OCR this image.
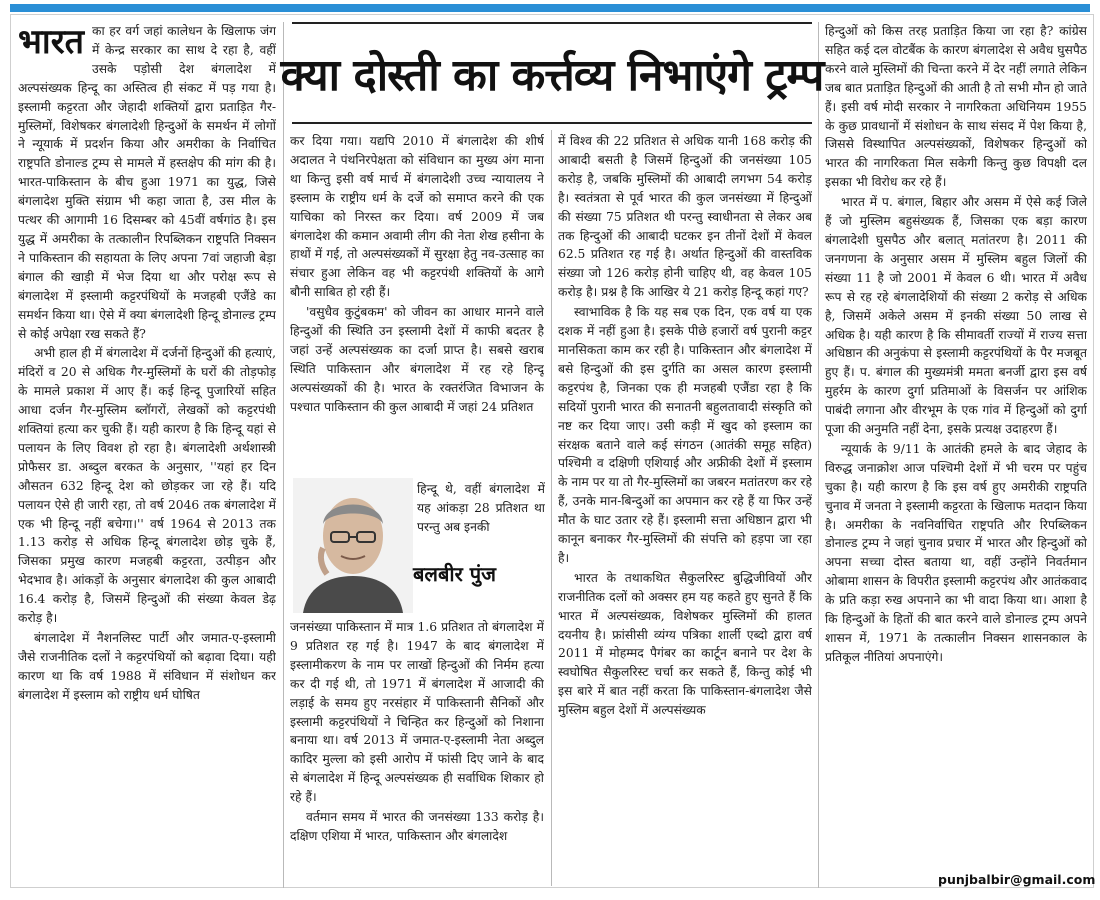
भारत का हर वर्ग जहां कालेधन के खिलाफ जंग में केन्द्र सरकार का साथ दे रहा है, वहीं उसके पड़ोसी देश बंगलादेश में अल्पसंख्यक हिन्दू का अस्तित्व ही संकट में पड़ गया है। इस्लामी कट्टरता और जेहादी शक्तियों द्वारा प्रताड़ित गैर-मुस्लिमों, विशेषकर बंगलादेशी हिन्दुओं के समर्थन में लोगों ने न्यूयार्क में प्रदर्शन किया और अमरीका के निर्वाचित राष्ट्रपति डोनाल्ड ट्रम्प से मामले में हस्तक्षेप की मांग की है। भारत-पाकिस्तान के बीच हुआ 1971 का युद्ध, जिसे बंगलादेश मुक्ति संग्राम भी कहा जाता है, उस मील के पत्थर की आगामी 16 दिसम्बर को 45वीं वर्षगांठ है। इस युद्ध में अमरीका के तत्कालीन रिपब्लिकन राष्ट्रपति निक्सन ने पाकिस्तान की सहायता के लिए अपना 7वां जहाजी बेड़ा बंगाल की खाड़ी में भेज दिया था और परोक्ष रूप से बंगलादेश में इस्लामी कट्टरपंथियों के मजहबी एजैंडे का समर्थन किया था। ऐसे में क्या बंगलादेशी हिन्दू डोनाल्ड ट्रम्प से कोई अपेक्षा रख सकते हैं?

अभी हाल ही में बंगलादेश में दर्जनों हिन्दुओं की हत्याएं, मंदिरों व 20 से अधिक गैर-मुस्लिमों के घरों की तोड़फोड़ के मामले प्रकाश में आए हैं। कई हिन्दू पुजारियों सहित आधा दर्जन गैर-मुस्लिम ब्लॉगरों, लेखकों को कट्टरपंथी शक्तियां हत्या कर चुकी हैं। यही कारण है कि हिन्दू यहां से पलायन के लिए विवश हो रहा है। बंगलादेशी अर्थशास्त्री प्रोफैसर डा. अब्दुल बरकत के अनुसार, ''यहां हर दिन औसतन 632 हिन्दू देश को छोड़कर जा रहे हैं। यदि पलायन ऐसे ही जारी रहा, तो वर्ष 2046 तक बंगलादेश में एक भी हिन्दू नहीं बचेगा।'' वर्ष 1964 से 2013 तक 1.13 करोड़ से अधिक हिन्दू बंगलादेश छोड़ चुके हैं, जिसका प्रमुख कारण मजहबी कट्टरता, उत्पीड़न और भेदभाव है। आंकड़ों के अनुसार बंगलादेश की कुल आबादी 16.4 करोड़ है, जिसमें हिन्दुओं की संख्या केवल डेढ़ करोड़ है।

बंगलादेश में नैशनलिस्ट पार्टी और जमात-ए-इस्लामी जैसे राजनीतिक दलों ने कट्टरपंथियों को बढ़ावा दिया। यही कारण था कि वर्ष 1988 में संविधान में संशोधन कर बंगलादेश में इस्लाम को राष्ट्रीय धर्म घोषित

क्या दोस्ती का कर्त्तव्य निभाएंगे ट्रम्प

कर दिया गया। यद्यपि 2010 में बंगलादेश की शीर्ष अदालत ने पंथनिरपेक्षता को संविधान का मुख्य अंग माना था किन्तु इसी वर्ष मार्च में बंगलादेशी उच्च न्यायालय ने इस्लाम के राष्ट्रीय धर्म के दर्जे को समाप्त करने की एक याचिका को निरस्त कर दिया। वर्ष 2009 में जब बंगलादेश की कमान अवामी लीग की नेता शेख हसीना के हाथों में गई, तो अल्पसंख्यकों में सुरक्षा हेतु नव-उत्साह का संचार हुआ लेकिन वह भी कट्टरपंथी शक्तियों के आगे बौनी साबित हो रही हैं।

'वसुधैव कुटुंबकम' को जीवन का आधार मानने वाले हिन्दुओं की स्थिति उन इस्लामी देशों में काफी बदतर है जहां उन्हें अल्पसंख्यक का दर्जा प्राप्त है। सबसे खराब स्थिति पाकिस्तान और बंगलादेश में रह रहे हिन्दू अल्पसंख्यकों की है। भारत के रक्तरंजित विभाजन के पश्चात पाकिस्तान की कुल आबादी में जहां 24 प्रतिशत

हिन्दू थे, वहीं बंगलादेश में यह आंकड़ा 28 प्रतिशत था परन्तु अब इनकी

बलबीर पुंज

जनसंख्या पाकिस्तान में मात्र 1.6 प्रतिशत तो बंगलादेश में 9 प्रतिशत रह गई है। 1947 के बाद बंगलादेश में इस्लामीकरण के नाम पर लाखों हिन्दुओं की निर्मम हत्या कर दी गई थी, तो 1971 में बंगलादेश में आजादी की लड़ाई के समय हुए नरसंहार में पाकिस्तानी सैनिकों और इस्लामी कट्टरपंथियों ने चिन्हित कर हिन्दुओं को निशाना बनाया था। वर्ष 2013 में जमात-ए-इस्लामी नेता अब्दुल कादिर मुल्ला को इसी आरोप में फांसी दिए जाने के बाद से बंगलादेश में हिन्दू अल्पसंख्यक ही सर्वाधिक शिकार हो रहे हैं।

वर्तमान समय में भारत की जनसंख्या 133 करोड़ है। दक्षिण एशिया में भारत, पाकिस्तान और बंगलादेश

में विश्व की 22 प्रतिशत से अधिक यानी 168 करोड़ की आबादी बसती है जिसमें हिन्दुओं की जनसंख्या 105 करोड़ है, जबकि मुस्लिमों की आबादी लगभग 54 करोड़ है। स्वतंत्रता से पूर्व भारत की कुल जनसंख्या में हिन्दुओं की संख्या 75 प्रतिशत थी परन्तु स्वाधीनता से लेकर अब तक हिन्दुओं की आबादी घटकर इन तीनों देशों में केवल 62.5 प्रतिशत रह गई है। अर्थात हिन्दुओं की वास्तविक संख्या जो 126 करोड़ होनी चाहिए थी, वह केवल 105 करोड़ है। प्रश्न है कि आखिर ये 21 करोड़ हिन्दू कहां गए?

स्वाभाविक है कि यह सब एक दिन, एक वर्ष या एक दशक में नहीं हुआ है। इसके पीछे हजारों वर्ष पुरानी कट्टर मानसिकता काम कर रही है। पाकिस्तान और बंगलादेश में बसे हिन्दुओं की इस दुर्गति का असल कारण इस्लामी कट्टरपंथ है, जिनका एक ही मजहबी एजैंडा रहा है कि सदियों पुरानी भारत की सनातनी बहुलतावादी संस्कृति को नष्ट कर दिया जाए। उसी कड़ी में खुद को इस्लाम का संरक्षक बताने वाले कई संगठन (आतंकी समूह सहित) पश्चिमी व दक्षिणी एशियाई और अफ्रीकी देशों में इस्लाम के नाम पर या तो गैर-मुस्लिमों का जबरन मतांतरण कर रहे हैं, उनके मान-बिन्दुओं का अपमान कर रहे हैं या फिर उन्हें मौत के घाट उतार रहे हैं। इस्लामी सत्ता अधिष्ठान द्वारा भी कानून बनाकर गैर-मुस्लिमों की संपत्ति को हड़पा जा रहा है।

भारत के तथाकथित सैकुलरिस्ट बुद्धिजीवियों और राजनीतिक दलों को अक्सर हम यह कहते हुए सुनते हैं कि भारत में अल्पसंख्यक, विशेषकर मुस्लिमों की हालत दयनीय है। फ्रांसीसी व्यंग्य पत्रिका शार्ली एब्दो द्वारा वर्ष 2011 में मोहम्मद पैगंबर का कार्टून बनाने पर देश के स्वघोषित सैकुलरिस्ट चर्चा कर सकते हैं, किन्तु कोई भी इस बारे में बात नहीं करता कि पाकिस्तान-बंगलादेश जैसे मुस्लिम बहुल देशों में अल्पसंख्यक

हिन्दुओं को किस तरह प्रताड़ित किया जा रहा है? कांग्रेस सहित कई दल वोटबैंक के कारण बंगलादेश से अवैध घुसपैठ करने वाले मुस्लिमों की चिन्ता करने में देर नहीं लगाते लेकिन जब बात प्रताड़ित हिन्दुओं की आती है तो सभी मौन हो जाते हैं। इसी वर्ष मोदी सरकार ने नागरिकता अधिनियम 1955 के कुछ प्रावधानों में संशोधन के साथ संसद में पेश किया है, जिससे विस्थापित अल्पसंख्यकों, विशेषकर हिन्दुओं को भारत की नागरिकता मिल सकेगी किन्तु कुछ विपक्षी दल इसका भी विरोध कर रहे हैं।

भारत में प. बंगाल, बिहार और असम में ऐसे कई जिले हैं जो मुस्लिम बहुसंख्यक हैं, जिसका एक बड़ा कारण बंगलादेशी घुसपैठ और बलात् मतांतरण है। 2011 की जनगणना के अनुसार असम में मुस्लिम बहुल जिलों की संख्या 11 है जो 2001 में केवल 6 थी। भारत में अवैध रूप से रह रहे बंगलादेशियों की संख्या 2 करोड़ से अधिक है, जिसमें अकेले असम में इनकी संख्या 50 लाख से अधिक है। यही कारण है कि सीमावर्ती राज्यों में राज्य सत्ता अधिष्ठान की अनुकंपा से इस्लामी कट्टरपंथियों के पैर मजबूत हुए हैं। प. बंगाल की मुख्यमंत्री ममता बनर्जी द्वारा इस वर्ष मुहर्रम के कारण दुर्गा प्रतिमाओं के विसर्जन पर आंशिक पाबंदी लगाना और वीरभूम के एक गांव में हिन्दुओं को दुर्गा पूजा की अनुमति नहीं देना, इसके प्रत्यक्ष उदाहरण हैं।

न्यूयार्क के 9/11 के आतंकी हमले के बाद जेहाद के विरुद्ध जनाक्रोश आज पश्चिमी देशों में भी चरम पर पहुंच चुका है। यही कारण है कि इस वर्ष हुए अमरीकी राष्ट्रपति चुनाव में जनता ने इस्लामी कट्टरता के खिलाफ मतदान किया है। अमरीका के नवनिर्वाचित राष्ट्रपति और रिपब्लिकन डोनाल्ड ट्रम्प ने जहां चुनाव प्रचार में भारत और हिन्दुओं को अपना सच्चा दोस्त बताया था, वहीं उन्होंने निवर्तमान ओबामा शासन के विपरीत इस्लामी कट्टरपंथ और आतंकवाद के प्रति कड़ा रुख अपनाने का भी वादा किया था। आशा है कि हिन्दुओं के हितों की बात करने वाले डोनाल्ड ट्रम्प अपने शासन में, 1971 के तत्कालीन निक्सन शासनकाल के प्रतिकूल नीतियां अपनाएंगे।

punjbalbir@gmail.com
